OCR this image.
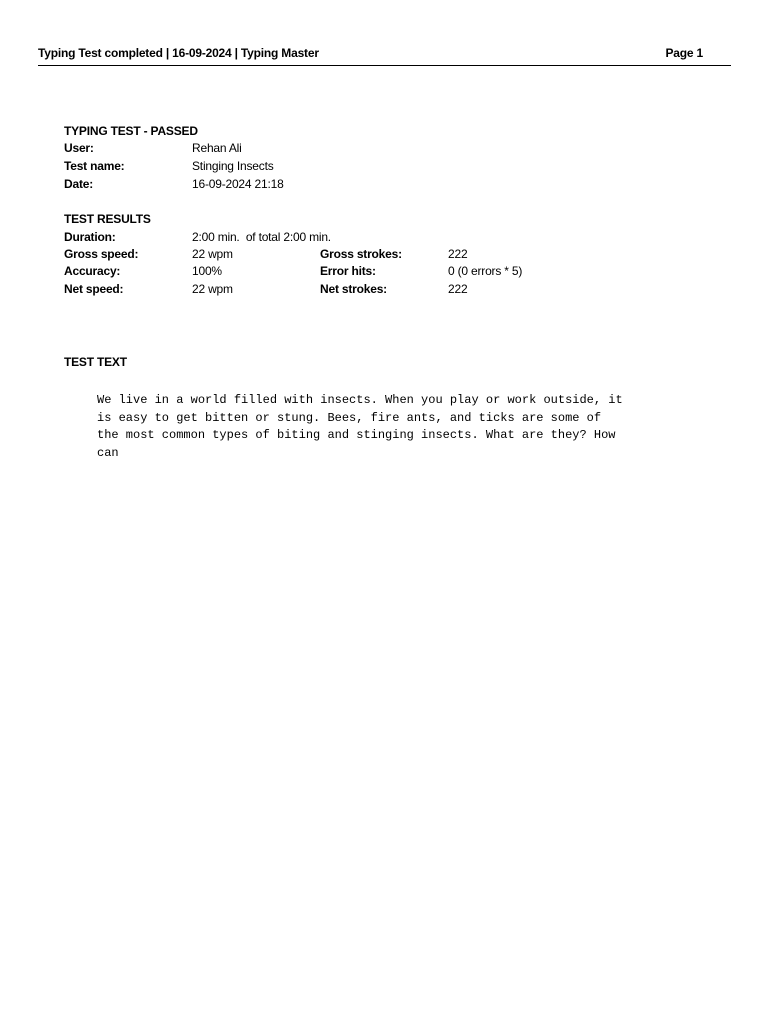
Typing Test completed | 16-09-2024 | Typing Master	Page 1
TYPING TEST - PASSED
User:	Rehan Ali
Test name:	Stinging Insects
Date:	16-09-2024 21:18
TEST RESULTS
Duration:	2:00 min.  of total 2:00 min.
Gross speed:	22 wpm	Gross strokes:	222
Accuracy:	100%	Error hits:	0 (0 errors * 5)
Net speed:	22 wpm	Net strokes:	222
TEST TEXT
We live in a world filled with insects. When you play or work outside, it
is easy to get bitten or stung. Bees, fire ants, and ticks are some of
the most common types of biting and stinging insects. What are they? How
can
